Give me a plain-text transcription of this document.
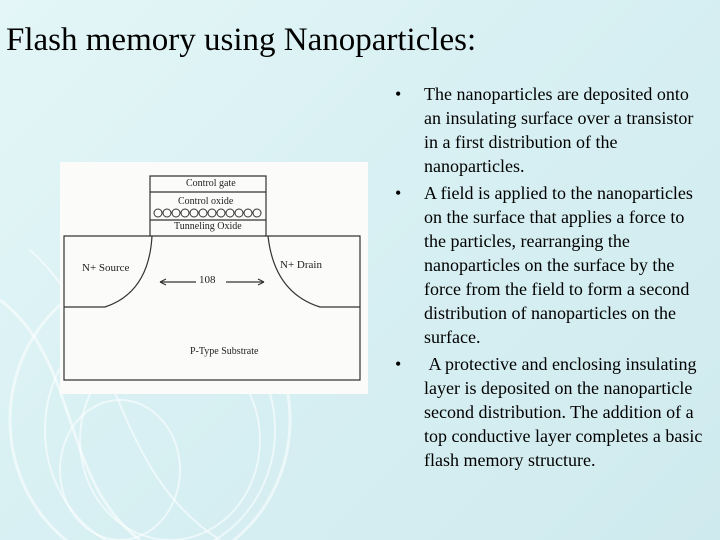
Flash memory using Nanoparticles:
Control gate
Control oxide
Tunneling Oxide
N+ Source	N+ Drain
108
P-Type Substrate
• The nanoparticles are deposited onto an insulating surface over a transistor in a first distribution of the nanoparticles.
• A field is applied to the nanoparticles on the surface that applies a force to the particles, rearranging the nanoparticles on the surface by the force from the field to form a second distribution of nanoparticles on the surface.
• A protective and enclosing insulating layer is deposited on the nanoparticle second distribution. The addition of a top conductive layer completes a basic flash memory structure.
